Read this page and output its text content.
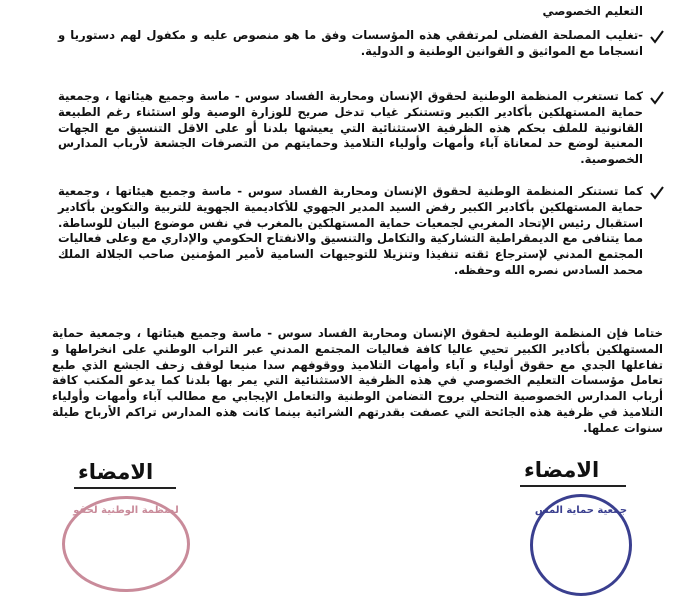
التعليم الخصوصي
-تغليب المصلحة الفضلى لمرتفقي هذه المؤسسات وفق ما هو منصوص عليه و مكفول لهم دستوريا و انسجاما مع المواثيق و القوانين الوطنية و الدولية.
كما تستغرب المنظمة الوطنية لحقوق الإنسان ومحاربة الفساد سوس - ماسة وجميع هيئاتها ، وجمعية حماية المستهلكين بأكادير الكبير وتستنكر غياب تدخل صريح للوزارة الوصية ولو استئناء رغم الطبيعة القانونية للملف بحكم هذه الظرفية الاستثنائية التي يعيشها بلدنا أو على الاقل التنسيق مع الجهات المعنية لوضع حد لمعاناة آباء وأمهات وأولياء التلاميذ وحمايتهم من التصرفات الجشعة لأرباب المدارس الخصوصية.
كما تستنكر المنظمة الوطنية لحقوق الإنسان ومحاربة الفساد سوس - ماسة وجميع هيئاتها ، وجمعية حماية المستهلكين بأكادير الكبير رفض السيد المدير الجهوي للأكاديمية الجهوية للتربية والتكوين بأكادير استقبال رئيس الإتحاد المغربي لجمعيات حماية المستهلكين بالمغرب في نفس موضوع البيان للوساطة. مما يتنافى مع الديمقراطية التشاركية والتكامل والتنسيق والانفتاح الحكومي والإداري مع وعلى فعاليات المجتمع المدني لإسترجاع ثقته تنفيذا وتنزيلا للتوجيهات السامية لأمير المؤمنين صاحب الجلالة الملك محمد السادس نصره الله وحفظه.
ختاما فإن المنظمة الوطنية لحقوق الإنسان ومحاربة الفساد سوس - ماسة وجميع هيئاتها ، وجمعية حماية المستهلكين بأكادير الكبير تحيي عاليا كافة فعاليات المجتمع المدني عبر التراب الوطني على انخراطها و تفاعلها الجدي مع حقوق أولياء و آباء وأمهات التلاميذ ووقوفهم سدا منيعا لوقف زحف الجشع الذي طبع تعامل مؤسسات التعليم الخصوصي في هذه الظرفية الاستثنائية التي يمر بها بلدنا كما يدعو المكتب كافة أرباب المدارس الخصوصية التحلي بروح التضامن الوطنية والتعامل الإيجابي مع مطالب آباء وأمهات وأولياء التلاميذ في ظرفية هذه الجائحة التي عصفت بقدرتهم الشرائية بينما كانت هذه المدارس تراكم الأرباح طيلة سنوات عملها.
الامضاء
لمنظمة الوطنية لحقو
الامضاء
جمعية حماية المس
